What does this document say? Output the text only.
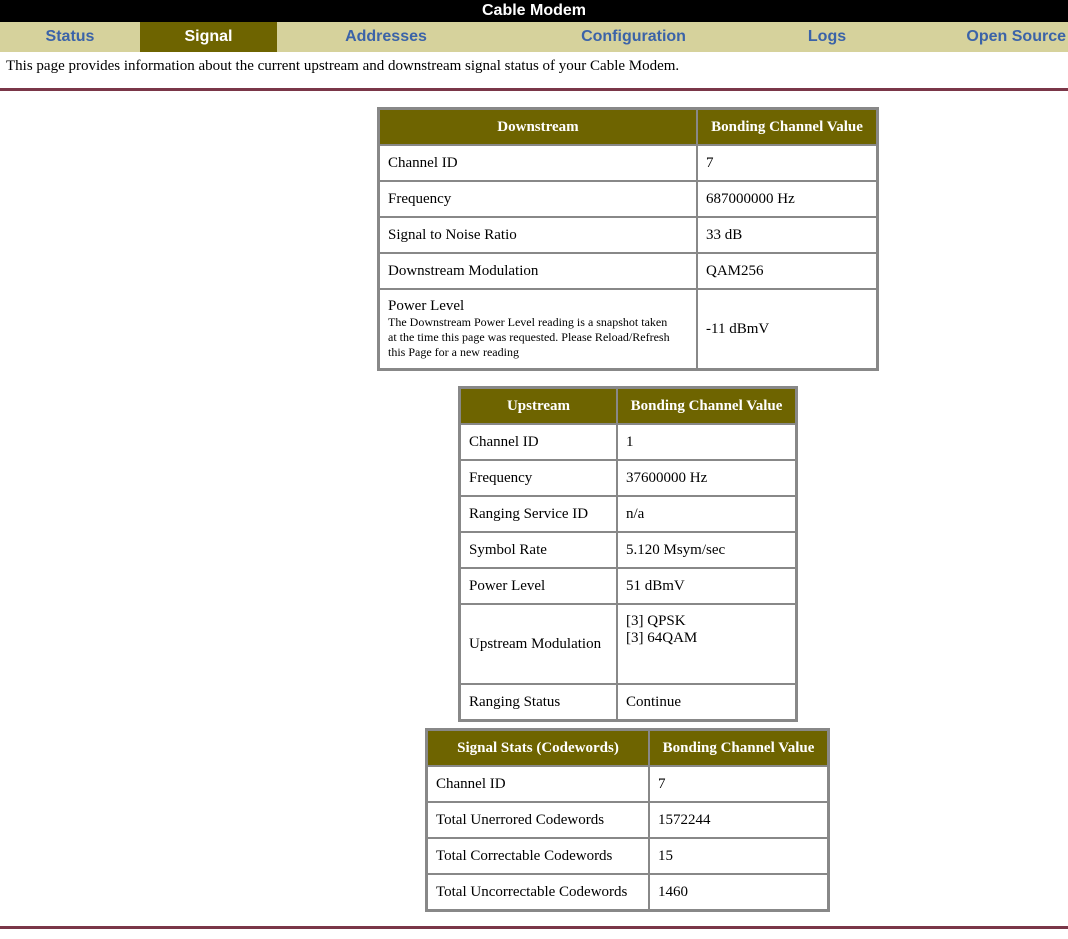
Cable Modem
Status	Signal	Addresses	Configuration	Logs	Open Source
This page provides information about the current upstream and downstream signal status of your Cable Modem.
Downstream	Bonding Channel Value
Channel ID	7
Frequency	687000000 Hz
Signal to Noise Ratio	33 dB
Downstream Modulation	QAM256

Power Level
The Downstream Power Level reading is a snapshot taken at the time this page was requested. Please Reload/Refresh this Page for a new reading	-11 dBmV
Upstream	Bonding Channel Value
Channel ID	1
Frequency	37600000 Hz
Ranging Service ID	n/a
Symbol Rate	5.120 Msym/sec
Power Level	51 dBmV
Upstream Modulation	[3] QPSK
[3] 64QAM

Ranging Status	Continue
Signal Stats (Codewords)	Bonding Channel Value
Channel ID	7
Total Unerrored Codewords	1572244
Total Correctable Codewords	15
Total Uncorrectable Codewords	1460
